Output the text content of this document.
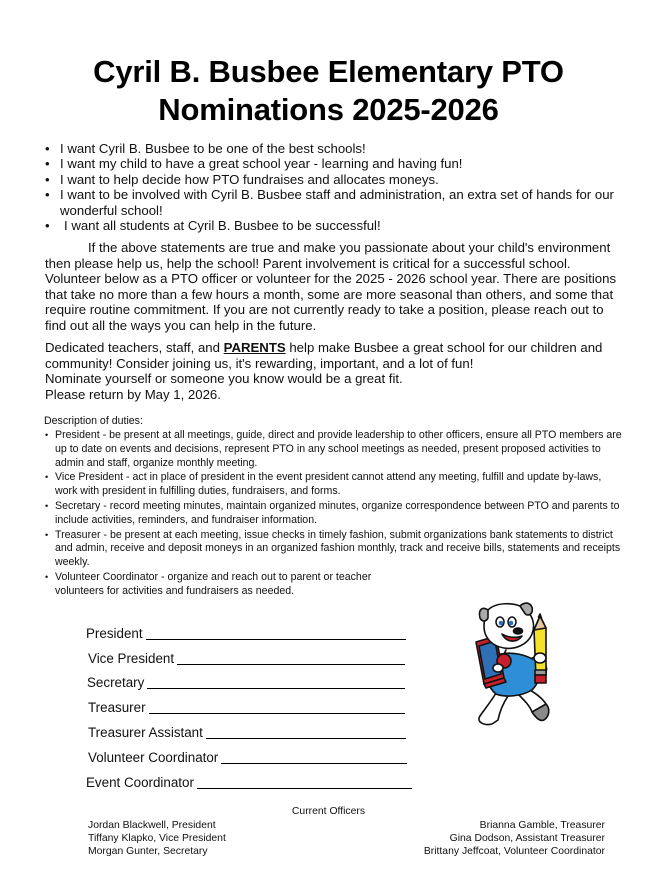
Cyril B. Busbee Elementary PTO
Nominations 2025-2026
• I want Cyril B. Busbee to be one of the best schools!
• I want my child to have a great school year - learning and having fun!
• I want to help decide how PTO fundraises and allocates moneys.
• I want to be involved with Cyril B. Busbee staff and administration, an extra set of hands for our wonderful school!
• I want all students at Cyril B. Busbee to be successful!

If the above statements are true and make you passionate about your child's environment then please help us, help the school! Parent involvement is critical for a successful school. Volunteer below as a PTO officer or volunteer for the 2025 - 2026 school year. There are positions that take no more than a few hours a month, some are more seasonal than others, and some that require routine commitment. If you are not currently ready to take a position, please reach out to find out all the ways you can help in the future.

Dedicated teachers, staff, and PARENTS help make Busbee a great school for our children and community! Consider joining us, it's rewarding, important, and a lot of fun!
Nominate yourself or someone you know would be a great fit.
Please return by May 1, 2026.
Description of duties:
• President - be present at all meetings, guide, direct and provide leadership to other officers, ensure all PTO members are up to date on events and decisions, represent PTO in any school meetings as needed, present proposed activities to admin and staff, organize monthly meeting.
• Vice President - act in place of president in the event president cannot attend any meeting, fulfill and update by-laws, work with president in fulfilling duties, fundraisers, and forms.
• Secretary - record meeting minutes, maintain organized minutes, organize correspondence between PTO and parents to include activities, reminders, and fundraiser information.
• Treasurer - be present at each meeting, issue checks in timely fashion, submit organizations bank statements to district and admin, receive and deposit moneys in an organized fashion monthly, track and receive bills, statements and receipts weekly.
• Volunteer Coordinator - organize and reach out to parent or teacher volunteers for activities and fundraisers as needed.
President
Vice President
Secretary
Treasurer
Treasurer Assistant
Volunteer Coordinator
Event Coordinator
Current Officers
Jordan Blackwell, President
Tiffany Klapko, Vice President
Morgan Gunter, Secretary
Brianna Gamble, Treasurer
Gina Dodson, Assistant Treasurer
Brittany Jeffcoat, Volunteer Coordinator
